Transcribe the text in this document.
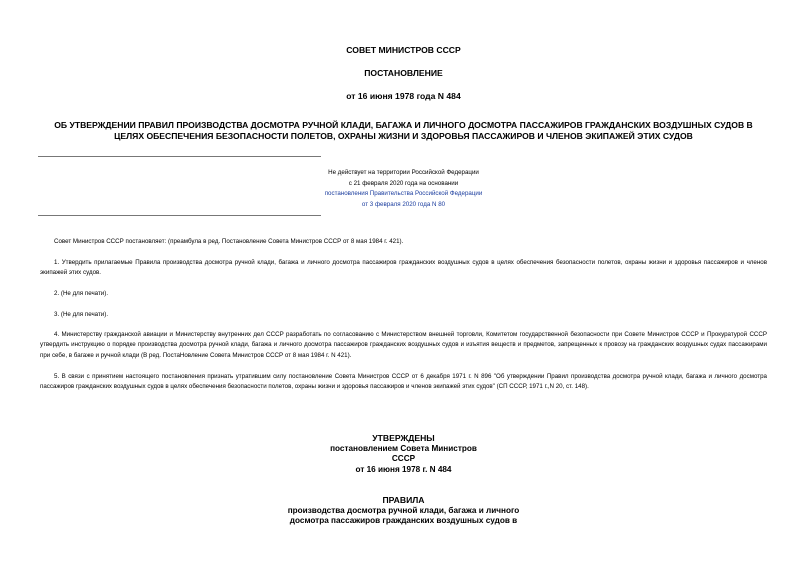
СОВЕТ МИНИСТРОВ СССР
ПОСТАНОВЛЕНИЕ
от 16 июня 1978 года N 484
ОБ УТВЕРЖДЕНИИ ПРАВИЛ ПРОИЗВОДСТВА ДОСМОТРА РУЧНОЙ КЛАДИ, БАГАЖА И ЛИЧНОГО ДОСМОТРА ПАССАЖИРОВ ГРАЖДАНСКИХ ВОЗДУШНЫХ СУДОВ В ЦЕЛЯХ ОБЕСПЕЧЕНИЯ БЕЗОПАСНОСТИ ПОЛЕТОВ, ОХРАНЫ ЖИЗНИ И ЗДОРОВЬЯ ПАССАЖИРОВ И ЧЛЕНОВ ЭКИПАЖЕЙ ЭТИХ СУДОВ
Не действует на территории Российской Федерации
с 21 февраля 2020 года на основании
постановления Правительства Российской Федерации
от 3 февраля 2020 года N 80
Совет Министров СССР постановляет: (преамбула в ред. Постановление Совета Министров СССР от 8 мая 1984 г. 421).
1. Утвердить прилагаемые Правила производства досмотра ручной клади, багажа и личного досмотра пассажиров гражданских воздушных судов в целях обеспечения безопасности полетов, охраны жизни и здоровья пассажиров и членов экипажей этих судов.
2. (Не для печати).
3. (Не для печати).
4. Министерству гражданской авиации и Министерству внутренних дел СССР разработать по согласованию с Министерством внешней торговли, Комитетом государственной безопасности при Совете Министров СССР и Прокуратурой СССР утвердить инструкцию о порядке производства досмотра ручной клади, багажа и личного досмотра пассажиров гражданских воздушных судов и изъятия веществ и предметов, запрещенных к провозу на гражданских воздушных судах пассажирами при себе, в багаже и ручной клади (В ред. ПостаНовление Совета Министров СССР от 8 мая 1984 г. N 421).
5. В связи с принятием настоящего постановления признать утратившим силу постановление Совета Министров СССР от 6 декабря 1971 г. N 896 "Об утверждении Правил производства досмотра ручной клади, багажа и личного досмотра пассажиров гражданских воздушных судов в целях обеспечения безопасности полетов, охраны жизни и здоровья пассажиров и членов экипажей этих судов" (СП СССР, 1971 г.,N 20, ст. 148).
УТВЕРЖДЕНЫ
постановлением Совета Министров
СССР
от 16 июня 1978 г. N 484
ПРАВИЛА
производства досмотра ручной клади, багажа и личного
досмотра пассажиров гражданских воздушных судов в
